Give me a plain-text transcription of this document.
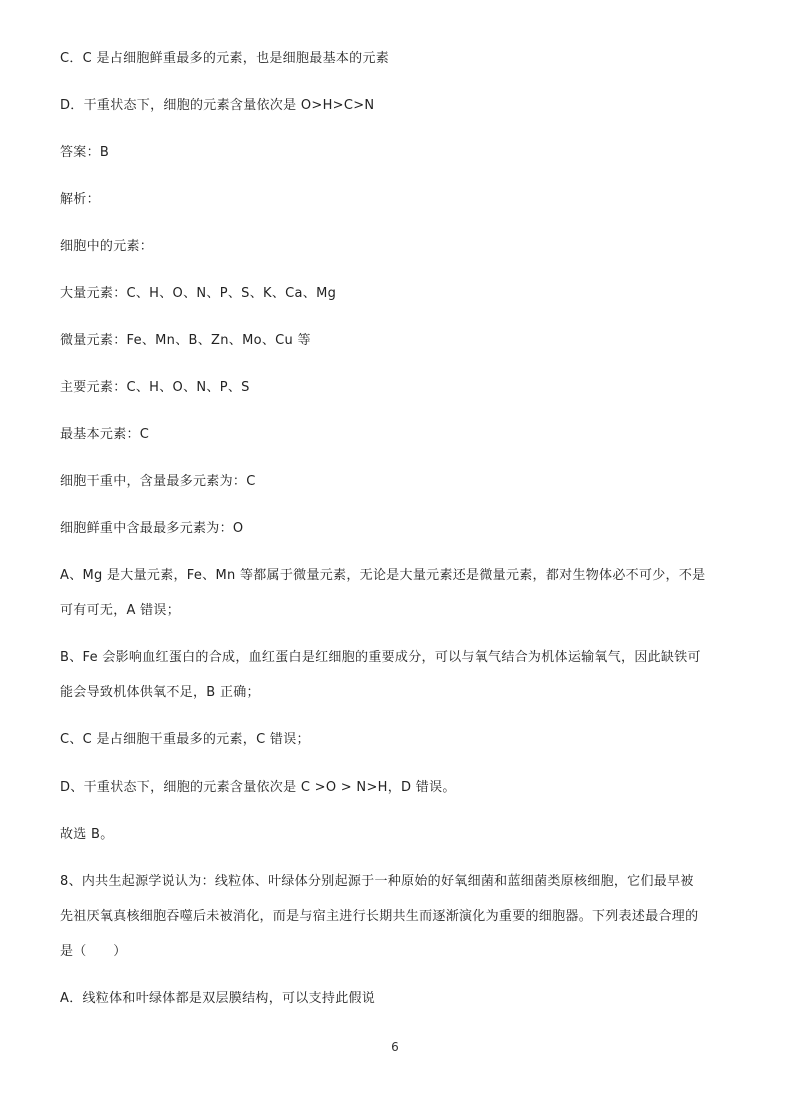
C．C 是占细胞鲜重最多的元素，也是细胞最基本的元素
D．干重状态下，细胞的元素含量依次是 O>H>C>N
答案：B
解析：
细胞中的元素：
大量元素：C、H、O、N、P、S、K、Ca、Mg
微量元素：Fe、Mn、B、Zn、Mo、Cu 等
主要元素：C、H、O、N、P、S
最基本元素：C
细胞干重中，含量最多元素为：C
细胞鲜重中含最最多元素为：O
A、Mg 是大量元素，Fe、Mn 等都属于微量元素，无论是大量元素还是微量元素，都对生物体必不可少，不是
可有可无，A 错误；
B、Fe 会影响血红蛋白的合成，血红蛋白是红细胞的重要成分，可以与氧气结合为机体运输氧气，因此缺铁可
能会导致机体供氧不足，B 正确；
C、C 是占细胞干重最多的元素，C 错误；
D、干重状态下，细胞的元素含量依次是 C >O > N>H，D 错误。
故选 B。
8、内共生起源学说认为：线粒体、叶绿体分别起源于一种原始的好氧细菌和蓝细菌类原核细胞，它们最早被
先祖厌氧真核细胞吞噬后未被消化，而是与宿主进行长期共生而逐渐演化为重要的细胞器。下列表述最合理的
是（　　）
A．线粒体和叶绿体都是双层膜结构，可以支持此假说
6
